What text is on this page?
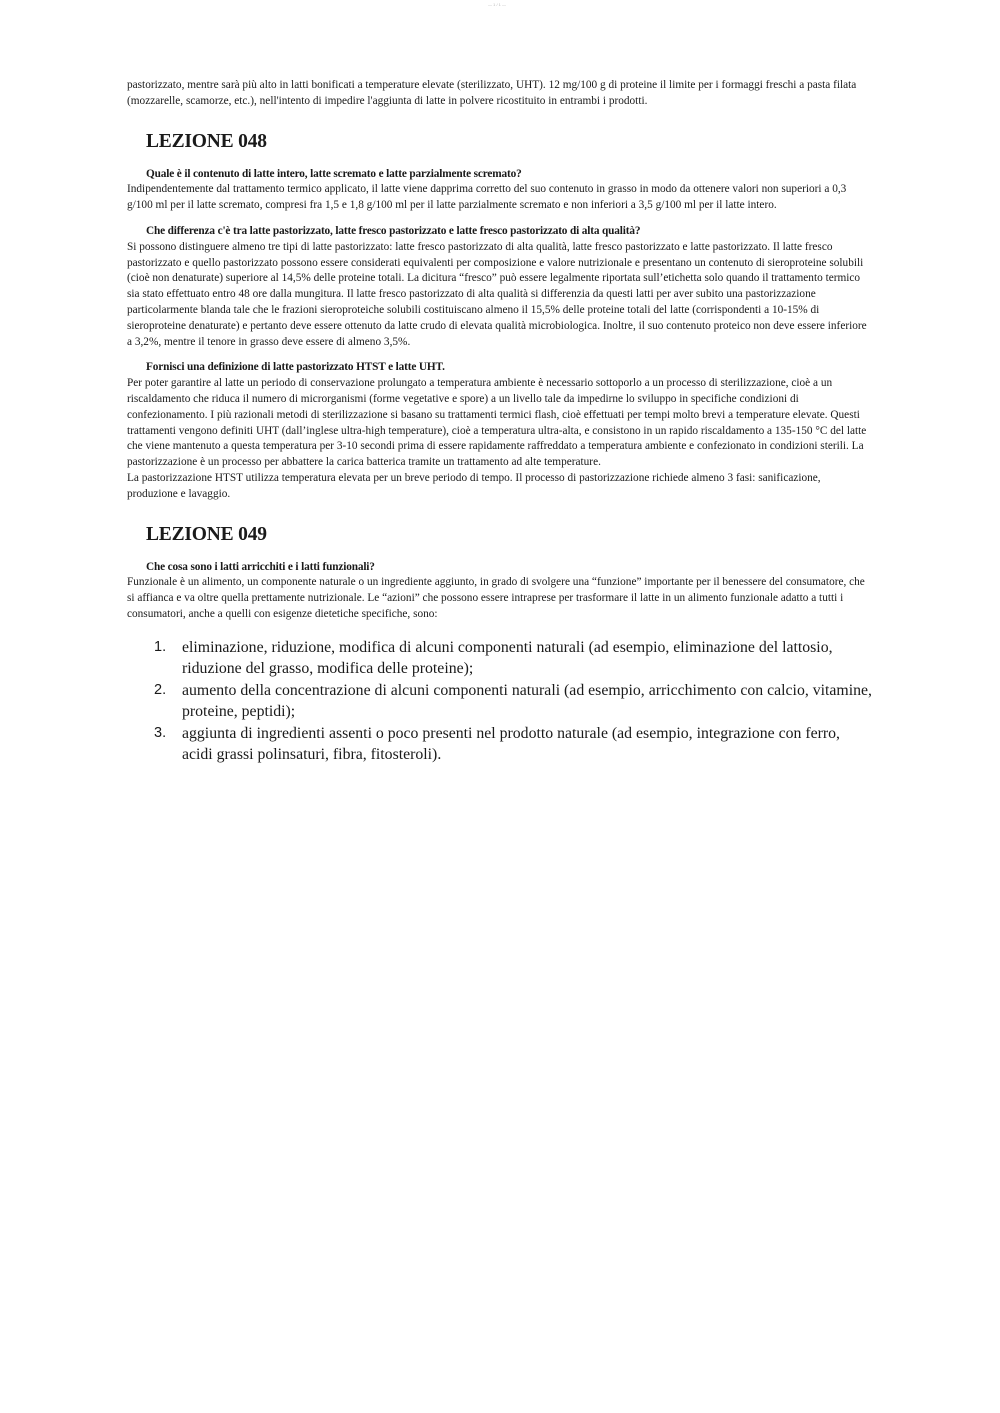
— 1 / 1 —

pastorizzato, mentre sarà più alto in latti bonificati a temperature elevate (sterilizzato, UHT). 12 mg/100 g di proteine il limite per i formaggi freschi a pasta filata (mozzarelle, scamorze, etc.), nell'intento di impedire l'aggiunta di latte in polvere ricostituito in entrambi i prodotti.

LEZIONE 048
Quale è il contenuto di latte intero, latte scremato e latte parzialmente scremato?

Indipendentemente dal trattamento termico applicato, il latte viene dapprima corretto del suo contenuto in grasso in modo da ottenere valori non superiori a 0,3 g/100 ml per il latte scremato, compresi fra 1,5 e 1,8 g/100 ml per il latte parzialmente scremato e non inferiori a 3,5 g/100 ml per il latte intero.

Che differenza c'è tra latte pastorizzato, latte fresco pastorizzato e latte fresco pastorizzato di alta qualità?

Si possono distinguere almeno tre tipi di latte pastorizzato: latte fresco pastorizzato di alta qualità, latte fresco pastorizzato e latte pastorizzato. Il latte fresco pastorizzato e quello pastorizzato possono essere considerati equivalenti per composizione e valore nutrizionale e presentano un contenuto di sieroproteine solubili (cioè non denaturate) superiore al 14,5% delle proteine totali. La dicitura “fresco” può essere legalmente riportata sull’etichetta solo quando il trattamento termico sia stato effettuato entro 48 ore dalla mungitura. Il latte fresco pastorizzato di alta qualità si differenzia da questi latti per aver subito una pastorizzazione particolarmente blanda tale che le frazioni sieroproteiche solubili costituiscano almeno il 15,5% delle proteine totali del latte (corrispondenti a 10-15% di sieroproteine denaturate) e pertanto deve essere ottenuto da latte crudo di elevata qualità microbiologica. Inoltre, il suo contenuto proteico non deve essere inferiore a 3,2%, mentre il tenore in grasso deve essere di almeno 3,5%.

Fornisci una definizione di latte pastorizzato HTST e latte UHT.

Per poter garantire al latte un periodo di conservazione prolungato a temperatura ambiente è necessario sottoporlo a un processo di sterilizzazione, cioè a un riscaldamento che riduca il numero di microrganismi (forme vegetative e spore) a un livello tale da impedirne lo sviluppo in specifiche condizioni di confezionamento. I più razionali metodi di sterilizzazione si basano su trattamenti termici flash, cioè effettuati per tempi molto brevi a temperature elevate. Questi trattamenti vengono definiti UHT (dall’inglese ultra-high temperature), cioè a temperatura ultra-alta, e consistono in un rapido riscaldamento a 135-150 °C del latte che viene mantenuto a questa temperatura per 3-10 secondi prima di essere rapidamente raffreddato a temperatura ambiente e confezionato in condizioni sterili. La pastorizzazione è un processo per abbattere la carica batterica tramite un trattamento ad alte temperature.

La pastorizzazione HTST utilizza temperatura elevata per un breve periodo di tempo. Il processo di pastorizzazione richiede almeno 3 fasi: sanificazione, produzione e lavaggio.

LEZIONE 049
Che cosa sono i latti arricchiti e i latti funzionali?

Funzionale è un alimento, un componente naturale o un ingrediente aggiunto, in grado di svolgere una “funzione” importante per il benessere del consumatore, che si affianca e va oltre quella prettamente nutrizionale. Le “azioni” che possono essere intraprese per trasformare il latte in un alimento funzionale adatto a tutti i consumatori, anche a quelli con esigenze dietetiche specifiche, sono:

1. eliminazione, riduzione, modifica di alcuni componenti naturali (ad esempio, eliminazione del lattosio, riduzione del grasso, modifica delle proteine);
2. aumento della concentrazione di alcuni componenti naturali (ad esempio, arricchimento con calcio, vitamine, proteine, peptidi);
3. aggiunta di ingredienti assenti o poco presenti nel prodotto naturale (ad esempio, integrazione con ferro, acidi grassi polinsaturi, fibra, fitosteroli).
